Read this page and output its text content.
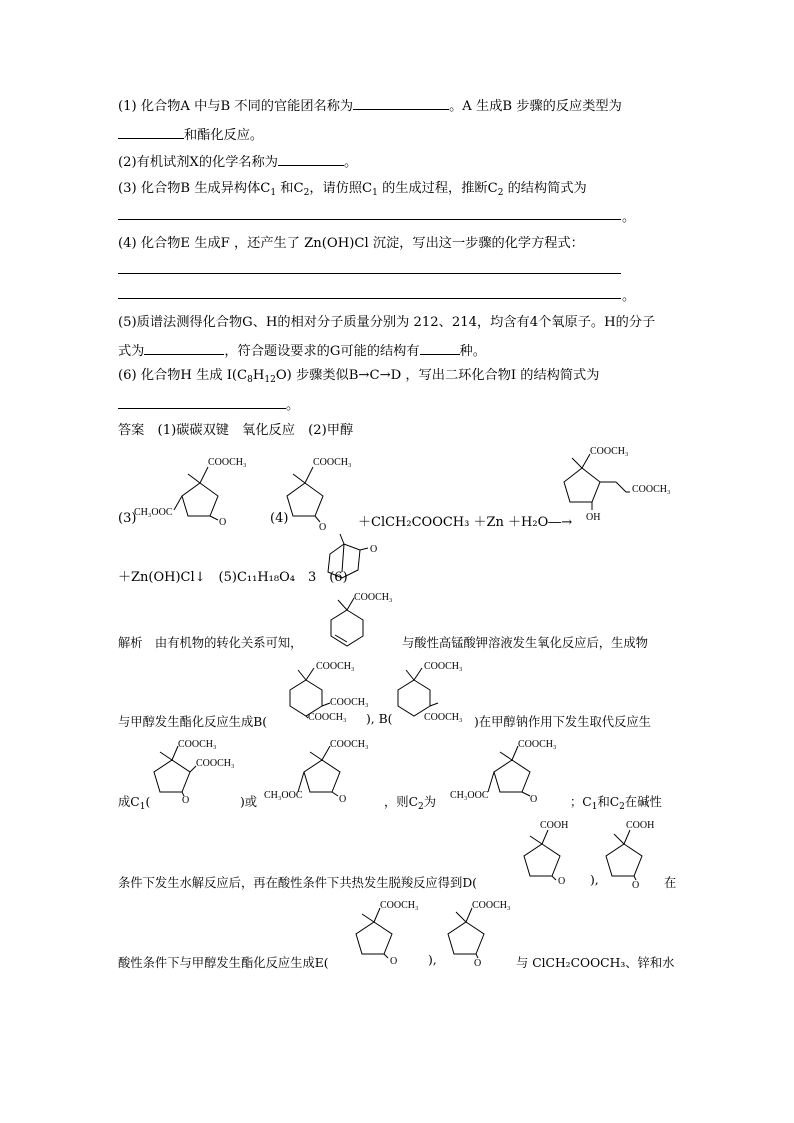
(1) 化合物A 中与B 不同的官能团名称为	。A 生成B 步骤的反应类型为
和酯化反应。
(2)有机试剂X的化学名称为	。
(3) 化合物B 生成异构体$C_1$ 和$C_2$，请仿照$C_1$ 的生成过程，推断$C_2$ 的结构简式为
。
(4) 化合物E 生成F ，还产生了 Zn(OH)Cl 沉淀，写出这一步骤的化学方程式：
。
(5)质谱法测得化合物G、H的相对分子质量分别为 212、214，均含有4个氧原子。H的分子
式为	，符合题设要求的G可能的结构有	种。
(6) 化合物H 生成 $I(C_8H_{12}O)$ 步骤类似B→C→D ，写出二环化合物I 的结构简式为
。
答案　(1)碳碳双键　氧化反应　(2)甲醇
(3)
COOCH₃
O
CH₃OOC	(4)
COOCH₃
O ＋ClCH₂COOCH₃ ＋Zn ＋H₂O―→
COOCH₃
COOCH₃
OH
＋Zn(OH)Cl↓　(5)C₁₁H₁₈O₄　3　(6)
O
解析　由有机物的转化关系可知，
COOCH₃
与酸性高锰酸钾溶液发生氧化反应后，生成物
与甲醇发生酯化反应生成B(
COOCH₃
COOCH₃
COOCH₃ ), B(
COOCH₃
COOCH₃ )在甲醇钠作用下发生取代反应生
成$C_1$(
COOCH₃
COOCH₃
O	)或
COOCH₃
O
CH₃OOC	，则$C_2$为
COOCH₃
O
CH₃OOC	；$C_1$和$C_2$在碱性
条件下发生水解反应后，再在酸性条件下共热发生脱羧反应得到D(
COOH
O ),
COOH
O 在
酸性条件下与甲醇发生酯化反应生成E(
COOCH₃
O	),
COOCH₃
O	与 ClCH₂COOCH₃、锌和水
